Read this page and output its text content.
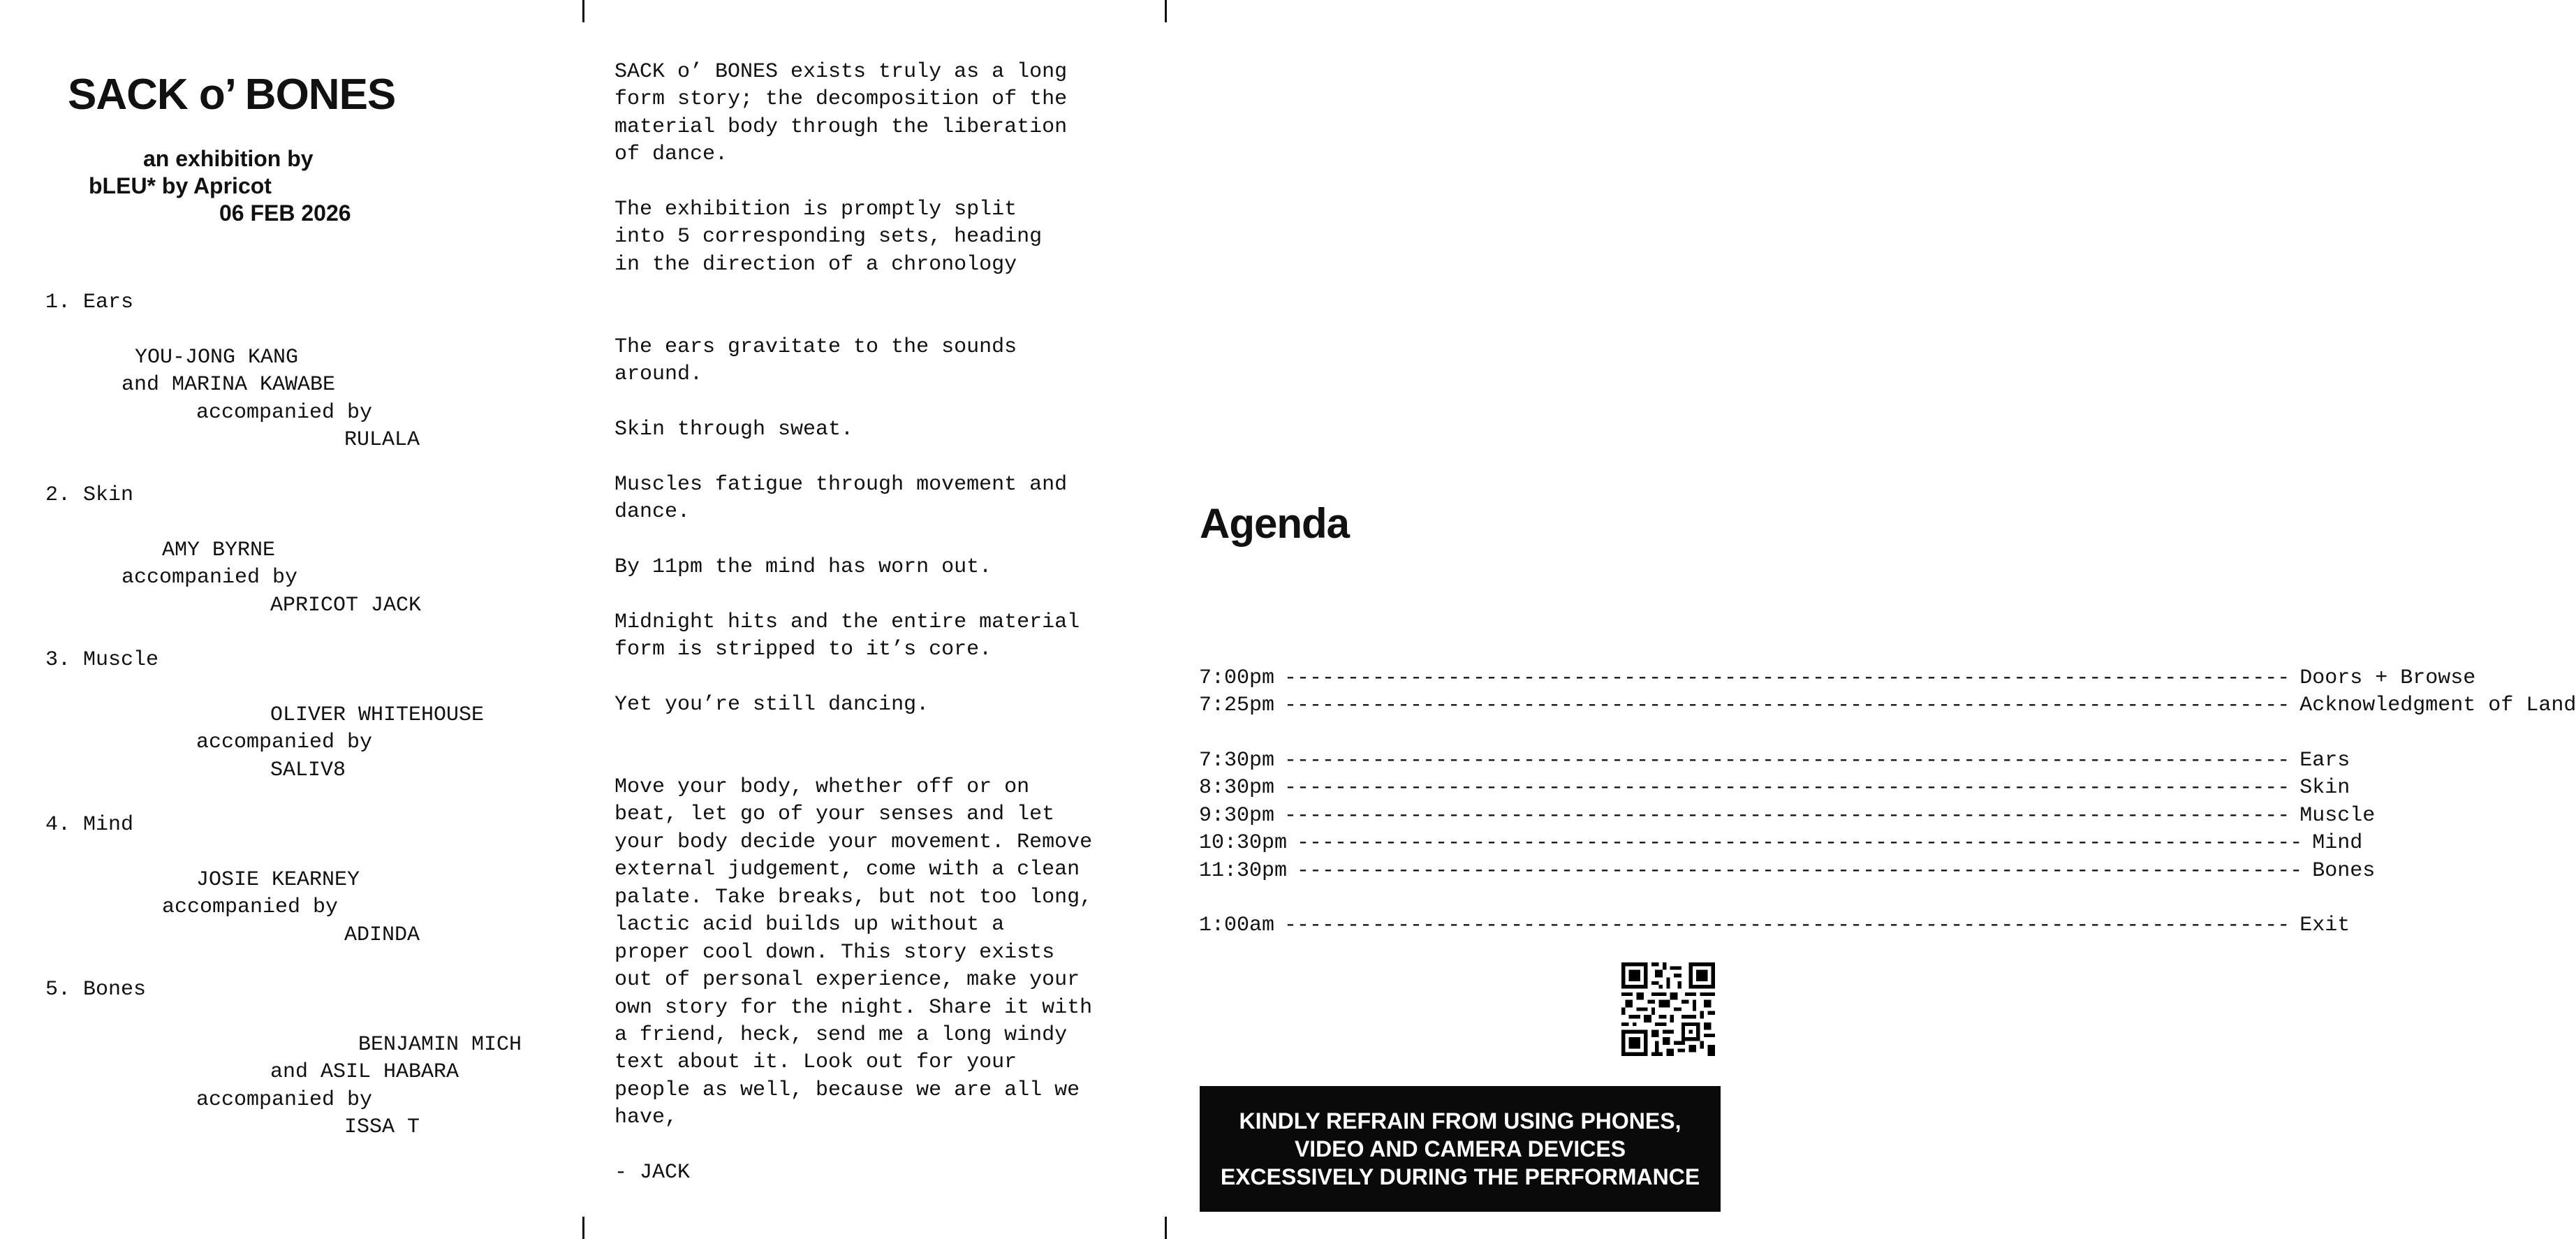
SACK o’ BONES
an exhibition by
bLEU* by Apricot
06 FEB 2026
1. Ears
YOU-JONG KANG
and MARINA KAWABE
accompanied by
RULALA
2. Skin
AMY BYRNE
accompanied by
APRICOT JACK
3. Muscle
OLIVER WHITEHOUSE
accompanied by
SALIV8
4. Mind
JOSIE KEARNEY
accompanied by
ADINDA
5. Bones
BENJAMIN MICH
and ASIL HABARA
accompanied by
ISSA T
SACK o’ BONES exists truly as a long
form story; the decomposition of the
material body through the liberation
of dance.
The exhibition is promptly split
into 5 corresponding sets, heading
in the direction of a chronology
The ears gravitate to the sounds
around.
Skin through sweat.
Muscles fatigue through movement and
dance.
By 11pm the mind has worn out.
Midnight hits and the entire material
form is stripped to it’s core.
Yet you’re still dancing.
Move your body, whether off or on
beat, let go of your senses and let
your body decide your movement. Remove
external judgement, come with a clean
palate. Take breaks, but not too long,
lactic acid builds up without a
proper cool down. This story exists
out of personal experience, make your
own story for the night. Share it with
a friend, heck, send me a long windy
text about it. Look out for your
people as well, because we are all we
have,
- JACK
Agenda
7:00pm -------------------------------------------------------------------------------- Doors + Browse
7:25pm -------------------------------------------------------------------------------- Acknowledgment of Land
7:30pm -------------------------------------------------------------------------------- Ears
8:30pm -------------------------------------------------------------------------------- Skin
9:30pm -------------------------------------------------------------------------------- Muscle
10:30pm -------------------------------------------------------------------------------- Mind
11:30pm -------------------------------------------------------------------------------- Bones
1:00am -------------------------------------------------------------------------------- Exit
KINDLY REFRAIN FROM USING PHONES,
VIDEO AND CAMERA DEVICES
EXCESSIVELY DURING THE PERFORMANCE
